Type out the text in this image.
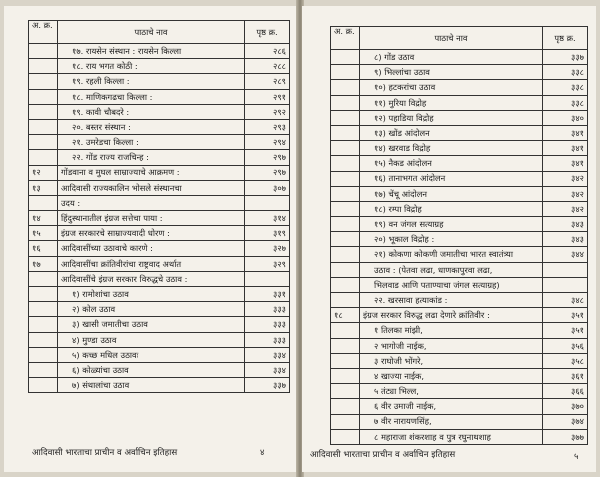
अ. क्र.	पाठाचे नाव	पृष्ठ क्र.
	१७. रायसेन संस्थान : रायसेन किल्ला	२८६
	१८. राय भगत कोठी :	२८८
	१९. रहली किल्ला :	२८९
	१८. माणिकगढचा किल्ला :	२९१
	१९. कावी चौबदरे :	२९२
	२०. बस्तर संस्थान :	२९३
	२१. उमरेडचा किल्ला :	२९४
	२२. गोंड राज्य राजचिन्ह :	२९७
१२	गोंडवाना व मुघल साम्राज्याचे आक्रमण :	२९७
१३	आदिवासी राज्यकालिन भोसले संस्थानचा	३०७
	उदय :	
१४	हिंदुस्थानातील इंग्रज सत्तेचा पाया :	३१४
१५	इंग्रज सरकारचे साम्राज्यवादी धोरण :	३१९
१६	आदिवासींच्या उठावाचे कारणे :	३२७
१७	आदिवासींचा क्रांतिवीरांचा राष्ट्रवाद अर्थात	३२९
	आदिवासींचे इंग्रज सरकार विरुद्धचे उठाव :	
	१) रामोशांचा उठाव	३३१
	२) कोल उठाव	३३३
	३) खासी जमातीचा उठाव	३३३
	४) मुण्डा उठाव	३३३
	५) कच्छ मधिल उठावः	३३४
	६) कोळ्यांचा उठाव	३३४
	७) संथालांचा उठाव	३३७
आदिवासी भारताचा प्राचीन व अर्वाचिन इतिहास	४
अ. क्र.	पाठाचे नाव	पृष्ठ क्र.
	८) गोंड उठाव	३३७
	९) भिल्लांचा उठाव	३३८
	१०) हटकरांचा उठाव	३३८
	११) मुरिया विद्रोह	३३८
	१२) पहाडिया विद्रोह	३४०
	१३) खोंड आंदोलन	३४१
	१४) खरवाड विद्रोह	३४१
	१५) नैकड आंदोलन	३४१
	१६) तानाभगत आंदोलन	३४२
	१७) चेंचू आंदोलन	३४२
	१८) रम्पा विद्रोह	३४२
	१९) वन जंगल सत्याग्रह	३४३
	२०) भूकाल विद्रोह :	३४३
	२१) कोकणा कोकणी जमातीचा भारत स्वातंत्र्या	३४४
	उठाव : (पेतवा लढा, धाणकापुरवा लढा,	
	भिलवाड आणि पताण्याचा जंगल सत्याग्रह)	
	२२. खरसावा हत्याकांड :	३४८
१८	इंग्रज सरकार विरुद्ध लढा देणारे क्रांतिवीर :	३५१
	१ तिलका मांझी,	३५१
	२ भागोजी नाईक,	३५६
	३ राघोजी भोंगरे,	३५८
	४ खाज्या नाईक,	३६१
	५ तंट्या भिल्ल,	३६६
	६ वीर उमाजी नाईक,	३७०
	७ वीर नारायणसिंह,	३७४
	८ महाराजा शंकरशाह व पुत्र रघुनाथशाह	३७७
आदिवासी भारताचा प्राचीन व अर्वाचिन इतिहास	५
